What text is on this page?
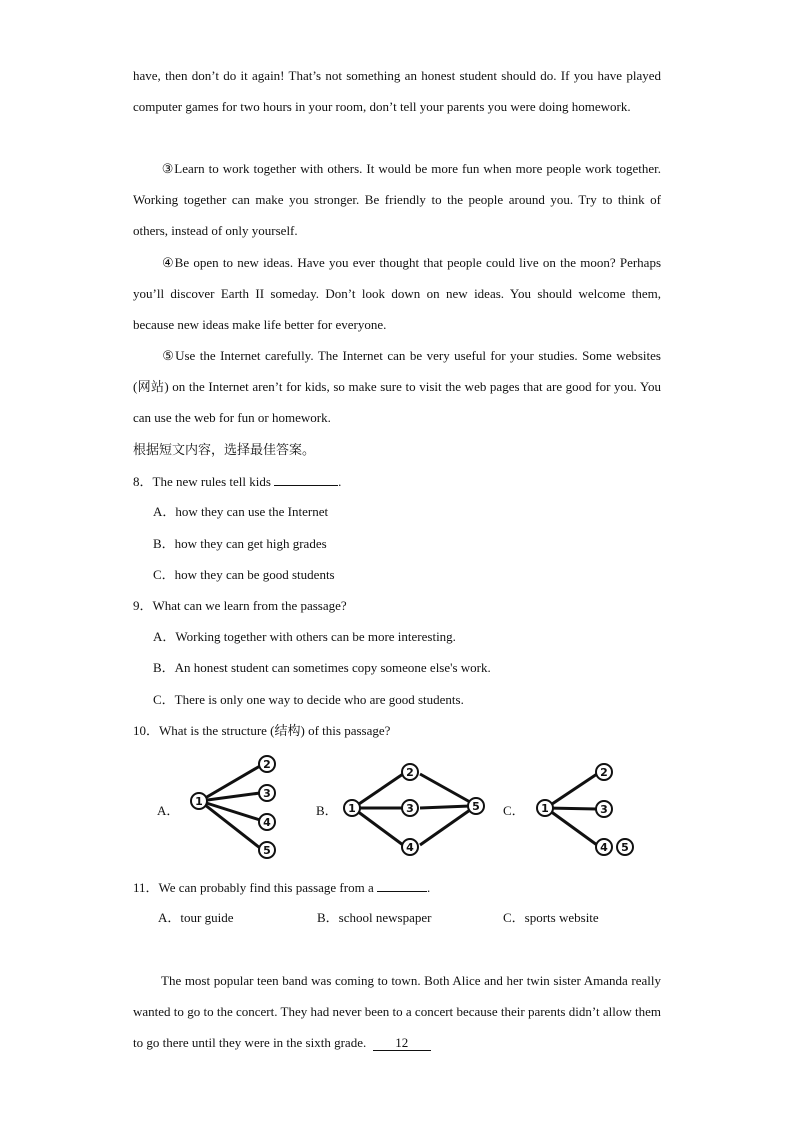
have, then don’t do it again! That’s not something an honest student should do. If you have played computer games for two hours in your room, don’t tell your parents you were doing homework.

③Learn to work together with others. It would be more fun when more people work together. Working together can make you stronger. Be friendly to the people around you. Try to think of others, instead of only yourself.

④Be open to new ideas. Have you ever thought that people could live on the moon? Perhaps you’ll discover Earth II someday. Don’t look down on new ideas. You should welcome them, because new ideas make life better for everyone.

⑤Use the Internet carefully. The Internet can be very useful for your studies. Some websites (网站) on the Internet aren’t for kids, so make sure to visit the web pages that are good for you. You can use the web for fun or homework.

根据短文内容，选择最佳答案。
8．The new rules tell kids	.
A．how they can use the Internet
B．how they can get high grades
C．how they can be good students
9．What can we learn from the passage?
A．Working together with others can be more interesting.
B．An honest student can sometimes copy someone else's work.
C．There is only one way to decide who are good students.
10．What is the structure (结构) of this passage?
A．
1
2
3
4
5
B． 1
2
3
4
5 C． 1
2
3
4 5
11．We can probably find this passage from a	.
A．tour guide	B．school newspaper	C．sports website

The most popular teen band was coming to town. Both Alice and her twin sister Amanda really wanted to go to the concert. They had never been to a concert because their parents didn’t allow them to go there until they were in the sixth grade. 12
